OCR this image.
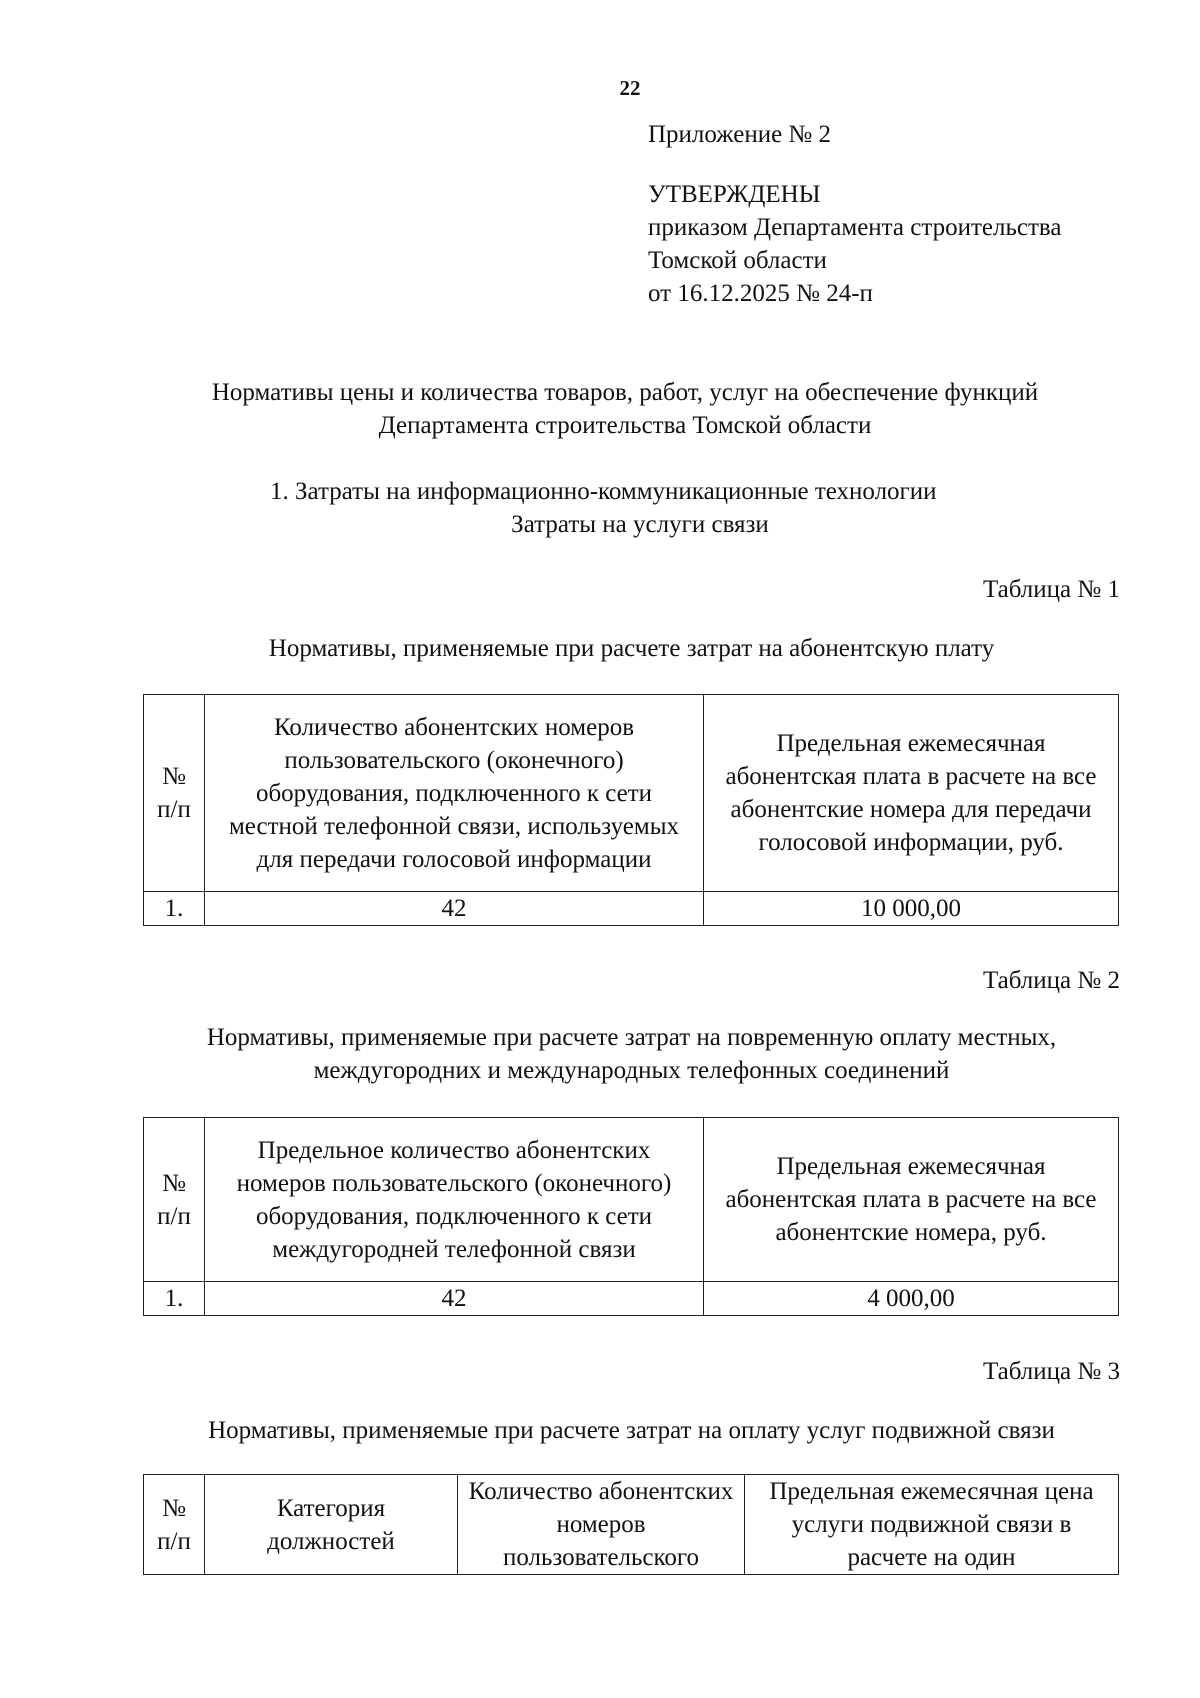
22
Приложение № 2
УТВЕРЖДЕНЫ
приказом Департамента строительства
Томской области
от 16.12.2025 № 24-п
Нормативы цены и количества товаров, работ, услуг на обеспечение функций
Департамента строительства Томской области
1. Затраты на информационно-коммуникационные технологии
Затраты на услуги связи
Таблица № 1
Нормативы, применяемые при расчете затрат на абонентскую плату
№ п/п	Количество абонентских номеров пользовательского (оконечного) оборудования, подключенного к сети местной телефонной связи, используемых для передачи голосовой информации	Предельная ежемесячная абонентская плата в расчете на все абонентские номера для передачи голосовой информации, руб.
1.	42	10 000,00
Таблица № 2
Нормативы, применяемые при расчете затрат на повременную оплату местных,
междугородних и международных телефонных соединений
№ п/п	Предельное количество абонентских номеров пользовательского (оконечного) оборудования, подключенного к сети междугородней телефонной связи	Предельная ежемесячная абонентская плата в расчете на все абонентские номера, руб.
1.	42	4 000,00
Таблица № 3
Нормативы, применяемые при расчете затрат на оплату услуг подвижной связи
№ п/п	Категория должностей	Количество абонентских номеров пользовательского	Предельная ежемесячная цена услуги подвижной связи в расчете на один
